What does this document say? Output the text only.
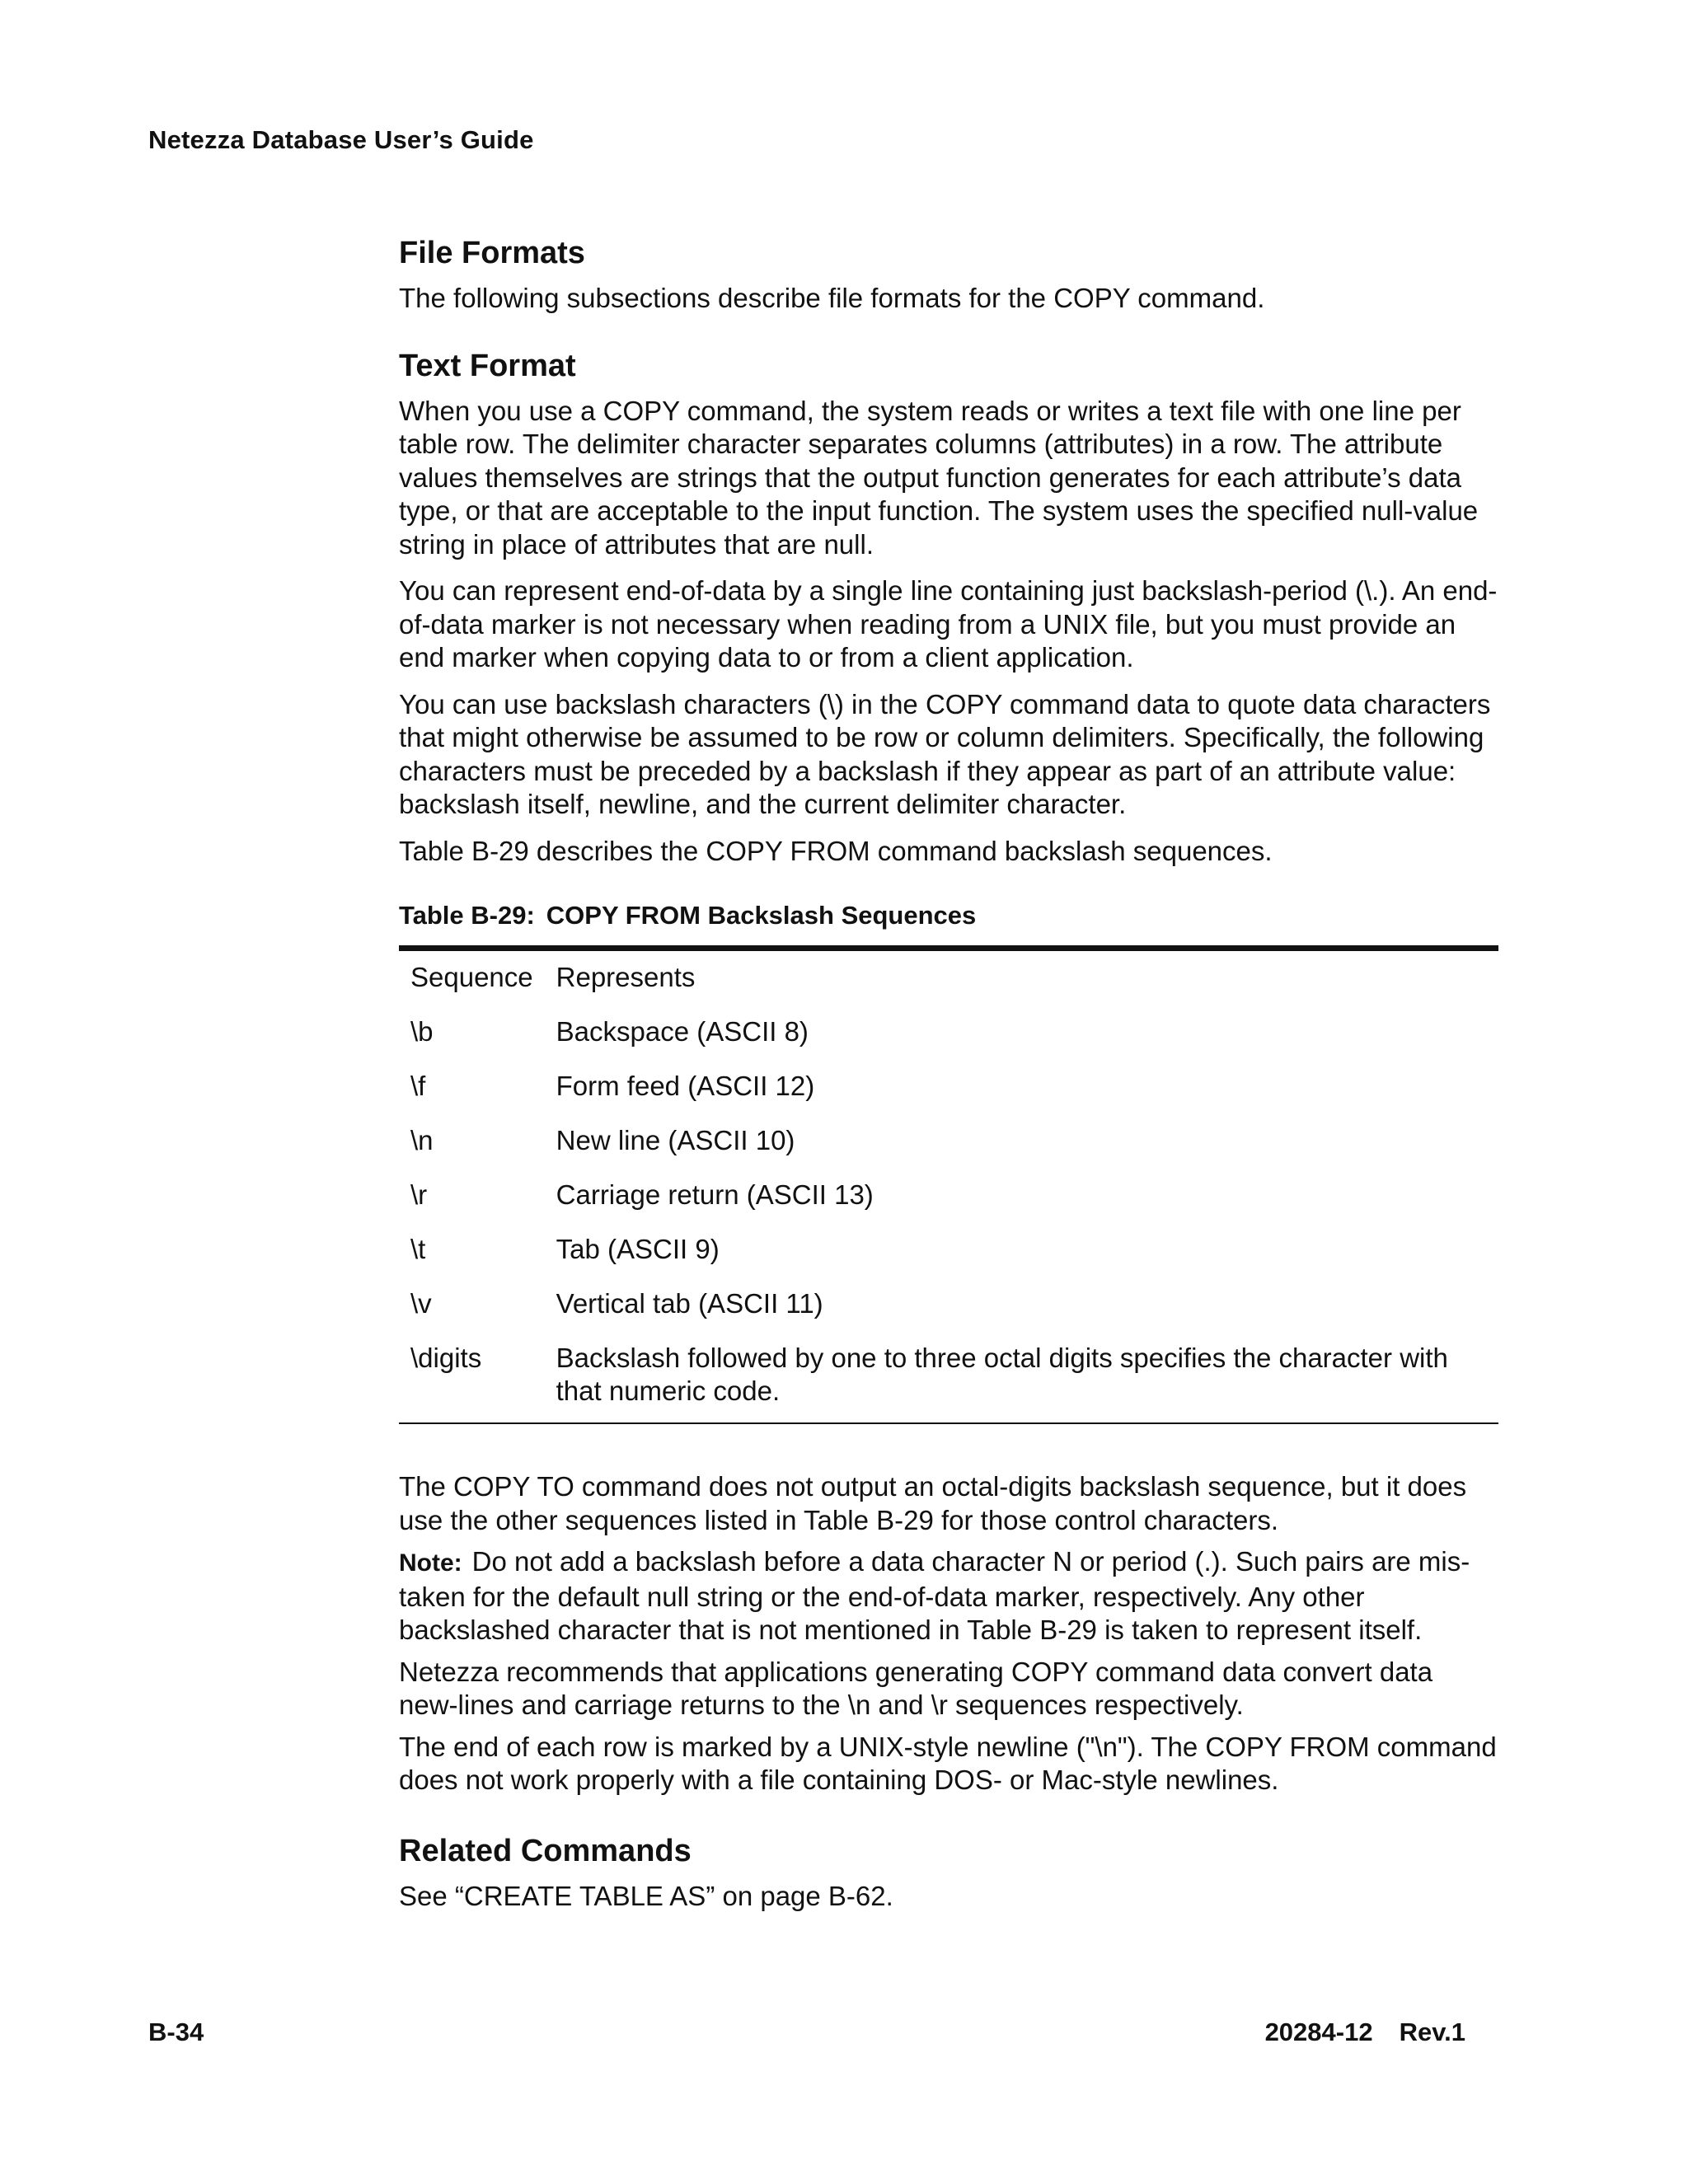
Netezza Database User’s Guide
File Formats

The following subsections describe file formats for the COPY command.

Text Format

When you use a COPY command, the system reads or writes a text file with one line per table row. The delimiter character separates columns (attributes) in a row. The attribute values themselves are strings that the output function generates for each attribute’s data type, or that are acceptable to the input function. The system uses the specified null-value string in place of attributes that are null.

You can represent end-of-data by a single line containing just backslash-period (\.). An end-of-data marker is not necessary when reading from a UNIX file, but you must provide an end marker when copying data to or from a client application.

You can use backslash characters (\) in the COPY command data to quote data characters that might otherwise be assumed to be row or column delimiters. Specifically, the following characters must be preceded by a backslash if they appear as part of an attribute value: backslash itself, newline, and the current delimiter character.

Table B-29 describes the COPY FROM command backslash sequences.

Table B-29: COPY FROM Backslash Sequences
Sequence	Represents
\b	Backspace (ASCII 8)
\f	Form feed (ASCII 12)
\n	New line (ASCII 10)
\r	Carriage return (ASCII 13)
\t	Tab (ASCII 9)
\v	Vertical tab (ASCII 11)
\digits	Backslash followed by one to three octal digits specifies the character with that numeric code.

The COPY TO command does not output an octal-digits backslash sequence, but it does use the other sequences listed in Table B-29 for those control characters.

Note: Do not add a backslash before a data character N or period (.). Such pairs are mis-taken for the default null string or the end-of-data marker, respectively. Any other backslashed character that is not mentioned in Table B-29 is taken to represent itself.

Netezza recommends that applications generating COPY command data convert data new-lines and carriage returns to the \n and \r sequences respectively.

The end of each row is marked by a UNIX-style newline ("\n"). The COPY FROM command does not work properly with a file containing DOS- or Mac-style newlines.

Related Commands

See “CREATE TABLE AS” on page B-62.

B-34	20284-12 Rev.1
